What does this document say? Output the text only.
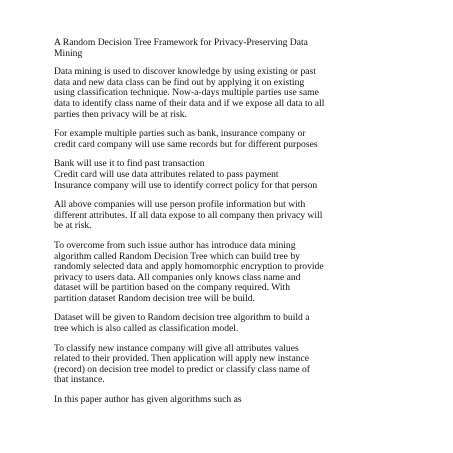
A Random Decision Tree Framework for Privacy-Preserving Data
Mining
Data mining is used to discover knowledge by using existing or past
data and new data class can be find out by applying it on existing
using classification technique. Now-a-days multiple parties use same
data to identify class name of their data and if we expose all data to all
parties then privacy will be at risk.
For example multiple parties such as bank, insurance company or
credit card company will use same records but for different purposes
Bank will use it to find past transaction
Credit card will use data attributes related to pass payment
Insurance company will use to identify correct policy for that person
All above companies will use person profile information but with
different attributes. If all data expose to all company then privacy will
be at risk.
To overcome from such issue author has introduce data mining
algorithm called Random Decision Tree which can build tree by
randomly selected data and apply homomorphic encryption to provide
privacy to users data. All companies only knows class name and
dataset will be partition based on the company required. With
partition dataset Random decision tree will be build.
Dataset will be given to Random decision tree algorithm to build a
tree which is also called as classification model.
To classify new instance company will give all attributes values
related to their provided. Then application will apply new instance
(record) on decision tree model to predict or classify class name of
that instance.
In this paper author has given algorithms such as
